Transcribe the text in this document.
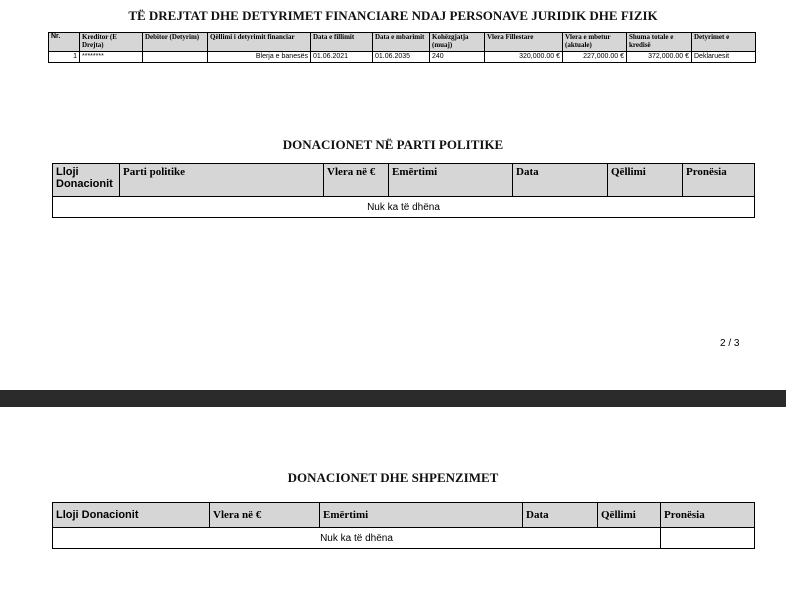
TË DREJTAT DHE DETYRIMET FINANCIARE NDAJ PERSONAVE JURIDIK DHE FIZIK
Nr.	Kreditor (E Drejta)	Debitor (Detyrim)	Qëllimi i detyrimit financiar	Data e fillimit	Data e mbarimit	Kohëzgjatja (muaj)	Vlera Fillestare	Vlera e mbetur (aktuale)	Shuma totale e kredisë	Detyrimet e
1	********		Blerja e banesës	01.06.2021	01.06.2035	240	320,000.00 €	227,000.00 €	372,000.00 €	Deklaruesit
DONACIONET NË PARTI POLITIKE
Lloji Donacionit	Parti politike	Vlera në €	Emërtimi	Data	Qëllimi	Pronësia
Nuk ka të dhëna
2 / 3
DONACIONET DHE SHPENZIMET
Lloji Donacionit	Vlera në €	Emërtimi	Data	Qëllimi	Pronësia
Nuk ka të dhëna					
